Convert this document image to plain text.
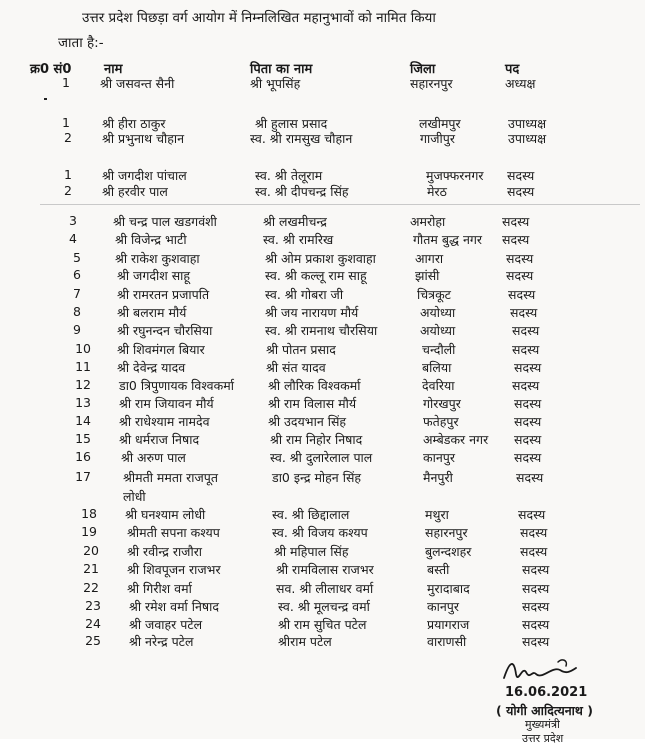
उत्तर प्रदेश पिछड़ा वर्ग आयोग में निम्नलिखित महानुभावों को नामित किया
जाता है:-
क्र0 सं0	नाम	पिता का नाम	जिला	पद
1 श्री जसवन्त सैनी	श्री भूपसिंह	सहारनपुर	अध्यक्ष
1	श्री हीरा ठाकुर	श्री हुलास प्रसाद	लखीमपुर	उपाध्यक्ष
2 श्री प्रभुनाथ चौहान	स्व. श्री रामसुख चौहान	गाजीपुर	उपाध्यक्ष
1 श्री जगदीश पांचाल	स्व. श्री तेलूराम	मुजफ्फरनगर सदस्य
2 श्री हरवीर पाल	स्व. श्री दीपचन्द्र सिंह	मेरठ	सदस्य
3	श्री चन्द्र पाल खडगवंशी	श्री लखमीचन्द्र	अमरोहा	सदस्य
4	श्री विजेन्द्र भाटी	स्व. श्री रामरिख	गौतम बुद्ध नगर सदस्य
5	श्री राकेश कुशवाहा	श्री ओम प्रकाश कुशवाहा	आगरा	सदस्य
6	श्री जगदीश साहू	स्व. श्री कल्लू राम साहू	झांसी	सदस्य
7	श्री रामरतन प्रजापति	स्व. श्री गोबरा जी	चित्रकूट	सदस्य
8	श्री बलराम मौर्य	श्री जय नारायण मौर्य	अयोध्या	सदस्य
9	श्री रघुनन्दन चौरसिया	स्व. श्री रामनाथ चौरसिया	अयोध्या	सदस्य
10 श्री शिवमंगल बियार	श्री पोतन प्रसाद	चन्दौली	सदस्य
11 श्री देवेन्द्र यादव	श्री संत यादव	बलिया	सदस्य
12 डा0 त्रिपुणायक विश्वकर्मा	श्री लौरिक विश्वकर्मा	देवरिया	सदस्य
13 श्री राम जियावन मौर्य	श्री राम विलास मौर्य	गोरखपुर	सदस्य
14 श्री राधेश्याम नामदेव	श्री उदयभान सिंह	फतेहपुर	सदस्य
15 श्री धर्मराज निषाद	श्री राम निहोर निषाद	अम्बेडकर नगर सदस्य
16 श्री अरुण पाल	स्व. श्री दुलारेलाल पाल	कानपुर	सदस्य
17	श्रीमती ममता राजपूत	डा0 इन्द्र मोहन सिंह	मैनपुरी	सदस्य
लोधी
18 श्री घनश्याम लोधी	स्व. श्री छिद्दालाल	मथुरा	सदस्य
19 श्रीमती सपना कश्यप	स्व. श्री विजय कश्यप	सहारनपुर	सदस्य
20 श्री रवीन्द्र राजौरा	श्री महिपाल सिंह	बुलन्दशहर	सदस्य
21 श्री शिवपूजन राजभर	श्री रामविलास राजभर	बस्ती	सदस्य
22 श्री गिरीश वर्मा	सव. श्री लीलाधर वर्मा	मुरादाबाद	सदस्य
23 श्री रमेश वर्मा निषाद	स्व. श्री मूलचन्द्र वर्मा	कानपुर	सदस्य
24 श्री जवाहर पटेल	श्री राम सुचित पटेल	प्रयागराज	सदस्य
25 श्री नरेन्द्र पटेल	श्रीराम पटेल	वाराणसी	सदस्य
16.06.2021
( योगी आदित्यनाथ )
मुख्यमंत्री
उत्तर प्रदेश
